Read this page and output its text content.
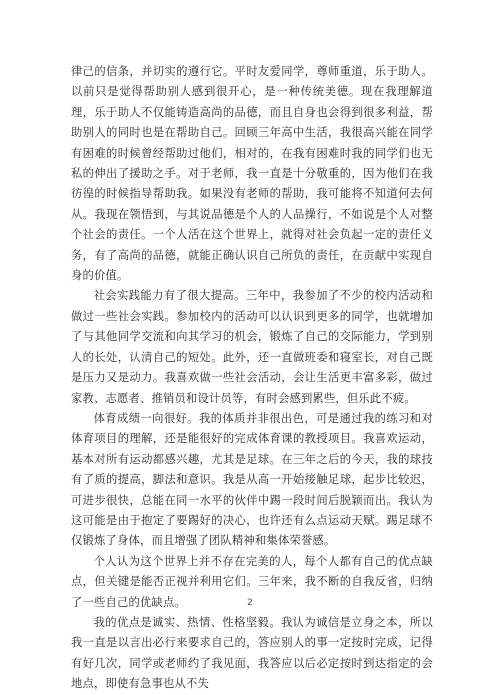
律己的信条，并切实的遵行它。平时友爱同学，尊师重道，乐于助人。以前只是觉得帮助别人感到很开心，是一种传统美德。现在我理解道理，乐于助人不仅能铸造高尚的品德，而且自身也会得到很多利益，帮助别人的同时也是在帮助自己。回顾三年高中生活，我很高兴能在同学有困难的时候曾经帮助过他们，相对的，在我有困难时我的同学们也无私的伸出了援助之手。对于老师，我一直是十分敬重的，因为他们在我彷徨的时候指导帮助我。如果没有老师的帮助，我可能将不知道何去何从。我现在领悟到，与其说品德是个人的人品操行，不如说是个人对整个社会的责任。一个人活在这个世界上，就得对社会负起一定的责任义务，有了高尚的品德，就能正确认识自己所负的责任，在贡献中实现自身的价值。

社会实践能力有了很大提高。三年中，我参加了不少的校内活动和做过一些社会实践。参加校内的活动可以认识到更多的同学，也就增加了与其他同学交流和向其学习的机会，锻炼了自己的交际能力，学到别人的长处，认清自己的短处。此外，还一直做班委和寝室长，对自己既是压力又是动力。我喜欢做一些社会活动，会让生活更丰富多彩，做过家教、志愿者、推销员和设计员等，有时会感到累些，但乐此不疲。

体育成绩一向很好。我的体质并非很出色，可是通过我的练习和对体育项目的理解，还是能很好的完成体育课的教授项目。我喜欢运动，基本对所有运动都感兴趣，尤其是足球。在三年之后的今天，我的球技有了质的提高，脚法和意识。我是从高一开始接触足球，起步比较迟，可进步很快，总能在同一水平的伙伴中踢一段时间后脱颖而出。我认为这可能是由于抱定了要踢好的决心，也许还有么点运动天赋。踢足球不仅锻炼了身体，而且增强了团队精神和集体荣誉感。

个人认为这个世界上并不存在完美的人，每个人都有自己的优点缺点，但关键是能否正视并利用它们。三年来，我不断的自我反省，归纳了一些自己的优缺点。

我的优点是诚实、热情、性格坚毅。我认为诚信是立身之本，所以我一直是以言出必行来要求自己的，答应别人的事一定按时完成，记得有好几次，同学或老师约了我见面，我答应以后必定按时到达指定的会地点，即使有急事也从不失

2
